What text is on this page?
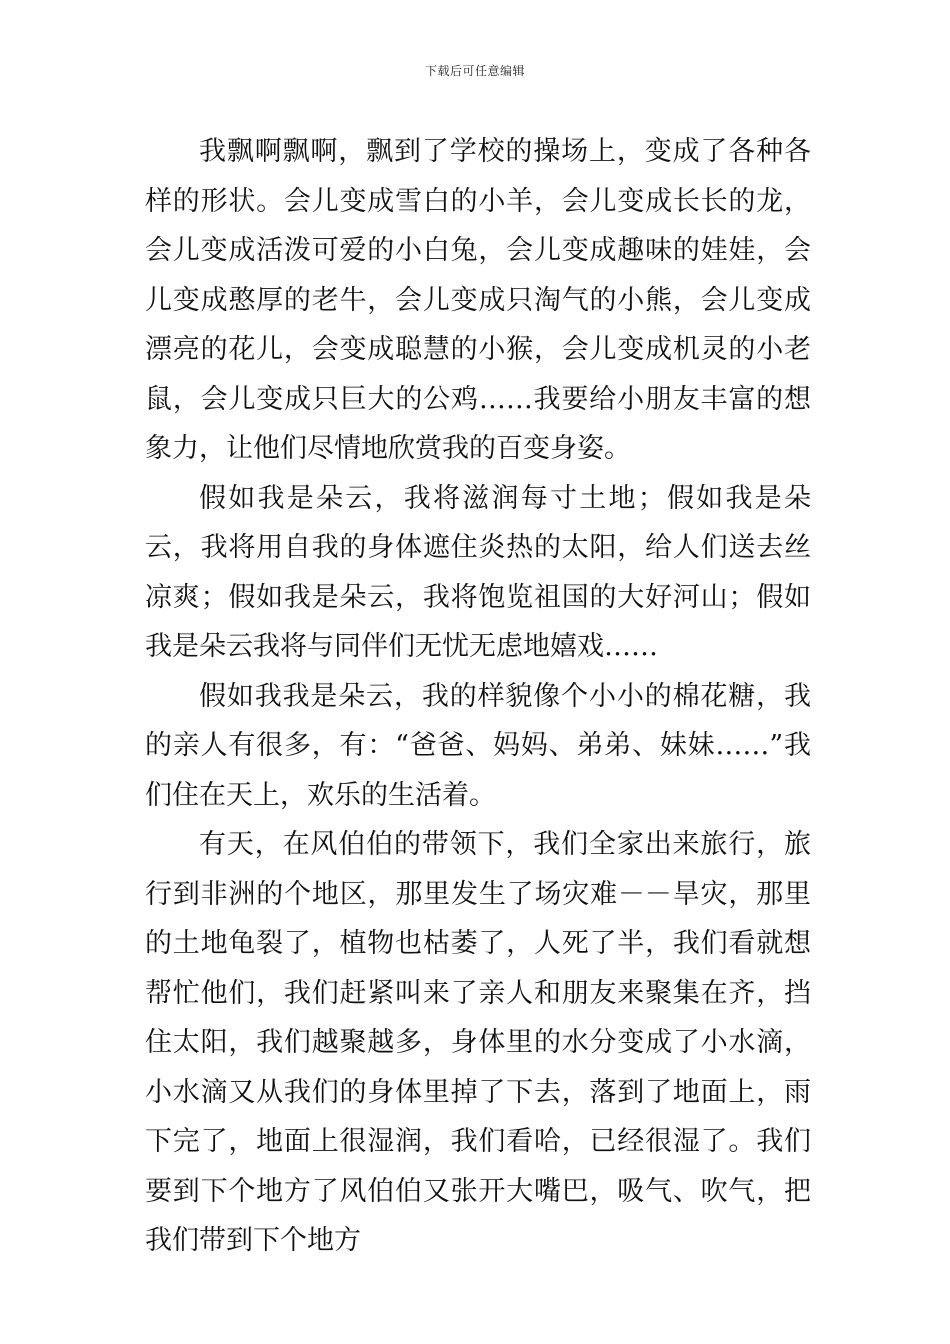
下载后可任意编辑

我飘啊飘啊，飘到了学校的操场上，变成了各种各样的形状。会儿变成雪白的小羊，会儿变成长长的龙，会儿变成活泼可爱的小白兔，会儿变成趣味的娃娃，会儿变成憨厚的老牛，会儿变成只淘气的小熊，会儿变成漂亮的花儿，会变成聪慧的小猴，会儿变成机灵的小老鼠，会儿变成只巨大的公鸡……我要给小朋友丰富的想象力，让他们尽情地欣赏我的百变身姿。

假如我是朵云，我将滋润每寸土地；假如我是朵云，我将用自我的身体遮住炎热的太阳，给人们送去丝凉爽；假如我是朵云，我将饱览祖国的大好河山；假如我是朵云我将与同伴们无忧无虑地嬉戏……

假如我我是朵云，我的样貌像个小小的棉花糖，我的亲人有很多，有：“爸爸、妈妈、弟弟、妹妹……”我们住在天上，欢乐的生活着。

有天，在风伯伯的带领下，我们全家出来旅行，旅行到非洲的个地区，那里发生了场灾难－－旱灾，那里的土地龟裂了，植物也枯萎了，人死了半，我们看就想帮忙他们，我们赶紧叫来了亲人和朋友来聚集在齐，挡住太阳，我们越聚越多，身体里的水分变成了小水滴，小水滴又从我们的身体里掉了下去，落到了地面上，雨下完了，地面上很湿润，我们看哈，已经很湿了。我们要到下个地方了风伯伯又张开大嘴巴，吸气、吹气，把我们带到下个地方
